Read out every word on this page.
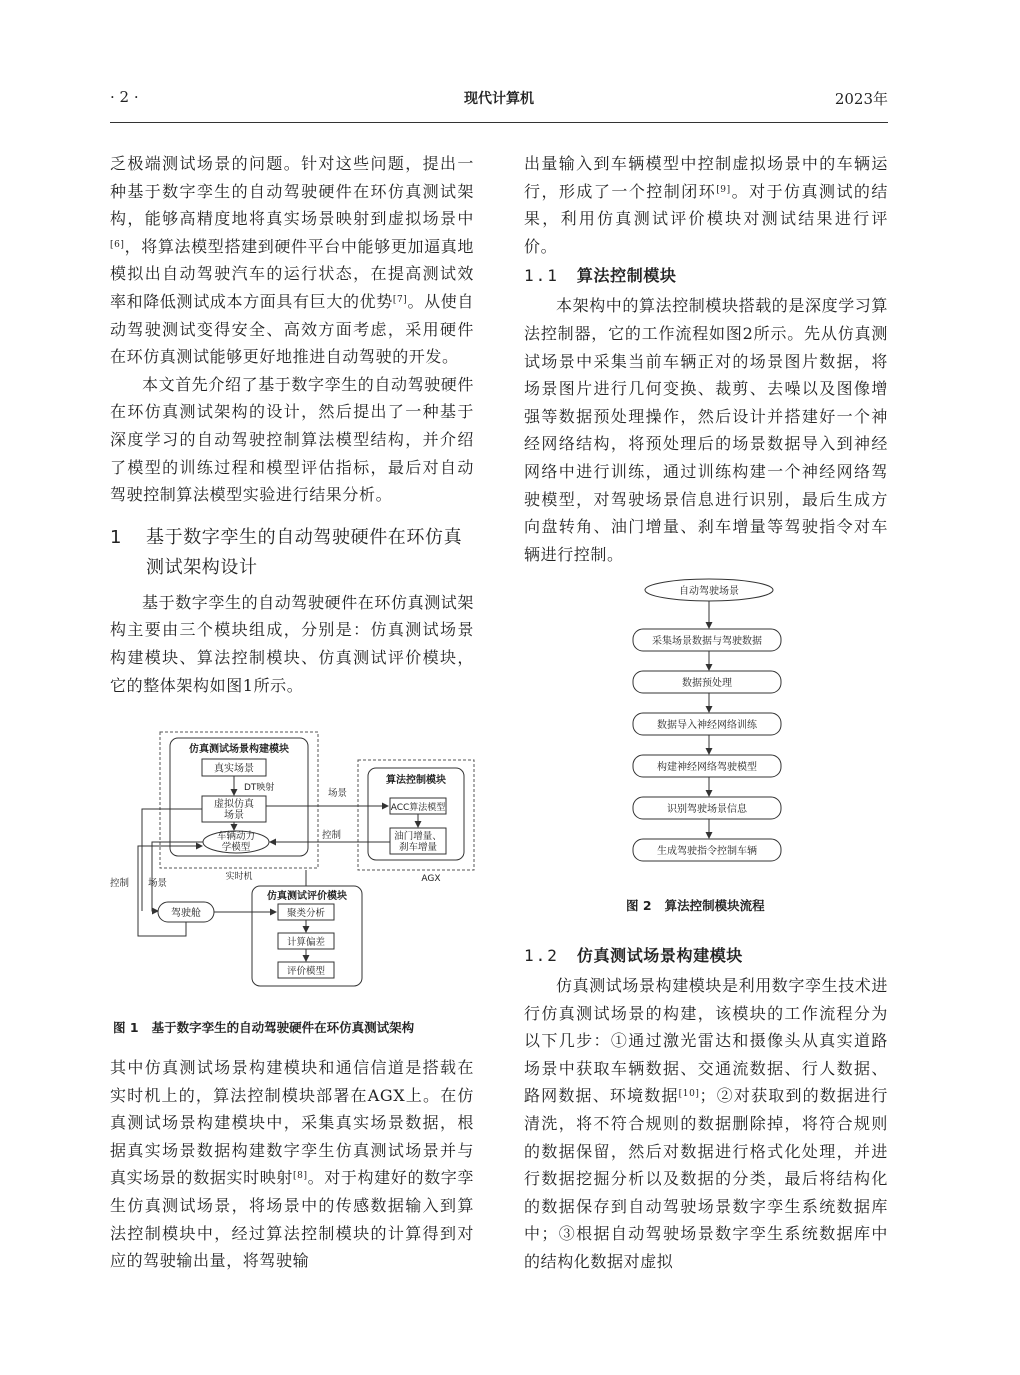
· 2 ·	现代计算机	2023年

乏极端测试场景的问题。针对这些问题，提出一种基于数字孪生的自动驾驶硬件在环仿真测试架构，能够高精度地将真实场景映射到虚拟场景中[6]，将算法模型搭建到硬件平台中能够更加逼真地模拟出自动驾驶汽车的运行状态，在提高测试效率和降低测试成本方面具有巨大的优势[7]。从使自动驾驶测试变得安全、高效方面考虑，采用硬件在环仿真测试能够更好地推进自动驾驶的开发。

本文首先介绍了基于数字孪生的自动驾驶硬件在环仿真测试架构的设计，然后提出了一种基于深度学习的自动驾驶控制算法模型结构，并介绍了模型的训练过程和模型评估指标，最后对自动驾驶控制算法模型实验进行结果分析。

1	基于数字孪生的自动驾驶硬件在环仿真测试架构设计

基于数字孪生的自动驾驶硬件在环仿真测试架构主要由三个模块组成，分别是：仿真测试场景构建模块、算法控制模块、仿真测试评价模块，它的整体架构如图1所示。

仿真测试场景构建模块
真实场景
DT映射
虚拟仿真
场景
车辆动力
学模型
实时机
算法控制模块
ACC算法模型
油门增量、
刹车增量
AGX
场景
控制
控制 场景
驾驶舱
仿真测试评价模块
聚类分析
计算偏差
评价模型
图 1 基于数字孪生的自动驾驶硬件在环仿真测试架构

其中仿真测试场景构建模块和通信信道是搭载在实时机上的，算法控制模块部署在AGX上。在仿真测试场景构建模块中，采集真实场景数据，根据真实场景数据构建数字孪生仿真测试场景并与真实场景的数据实时映射[8]。对于构建好的数字孪生仿真测试场景，将场景中的传感数据输入到算法控制模块中，经过算法控制模块的计算得到对应的驾驶输出量，将驾驶输

出量输入到车辆模型中控制虚拟场景中的车辆运行，形成了一个控制闭环[9]。对于仿真测试的结果，利用仿真测试评价模块对测试结果进行评价。

1.1 算法控制模块

本架构中的算法控制模块搭载的是深度学习算法控制器，它的工作流程如图2所示。先从仿真测试场景中采集当前车辆正对的场景图片数据，将场景图片进行几何变换、裁剪、去噪以及图像增强等数据预处理操作，然后设计并搭建好一个神经网络结构，将预处理后的场景数据导入到神经网络中进行训练，通过训练构建一个神经网络驾驶模型，对驾驶场景信息进行识别，最后生成方向盘转角、油门增量、刹车增量等驾驶指令对车辆进行控制。

自动驾驶场景
采集场景数据与驾驶数据
数据预处理
数据导入神经网络训练
构建神经网络驾驶模型
识别驾驶场景信息
生成驾驶指令控制车辆
图 2 算法控制模块流程
1.2 仿真测试场景构建模块

仿真测试场景构建模块是利用数字孪生技术进行仿真测试场景的构建，该模块的工作流程分为以下几步：①通过激光雷达和摄像头从真实道路场景中获取车辆数据、交通流数据、行人数据、路网数据、环境数据[10]；②对获取到的数据进行清洗，将不符合规则的数据删除掉，将符合规则的数据保留，然后对数据进行格式化处理，并进行数据挖掘分析以及数据的分类，最后将结构化的数据保存到自动驾驶场景数字孪生系统数据库中；③根据自动驾驶场景数字孪生系统数据库中的结构化数据对虚拟
